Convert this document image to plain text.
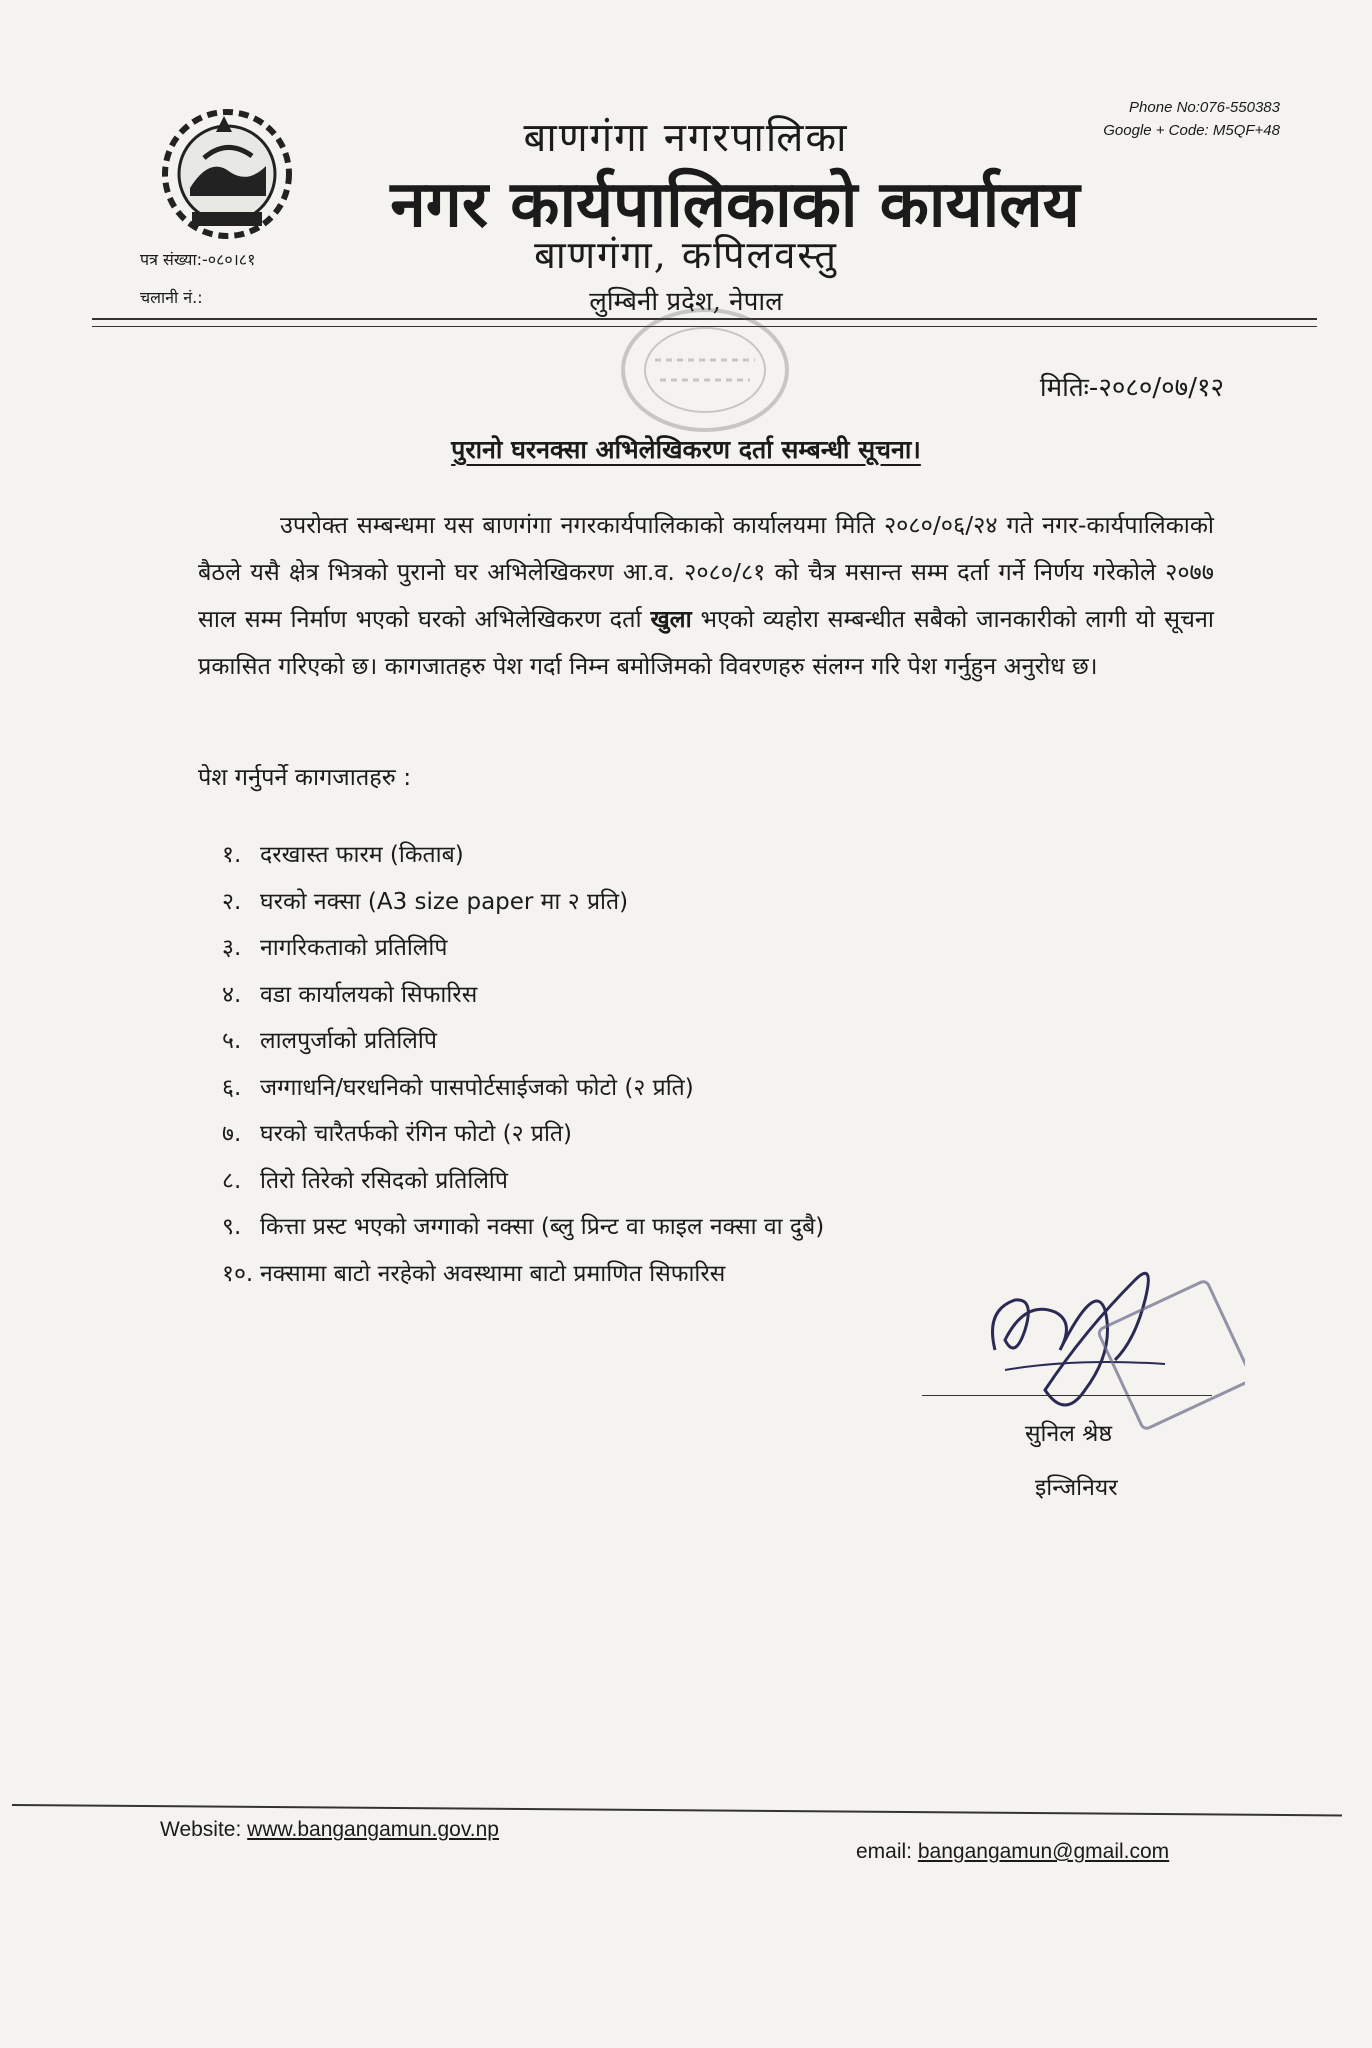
Phone No:076-550383
Google + Code: M5QF+48
बाणगंगा नगरपालिका
नगर कार्यपालिकाको कार्यालय
बाणगंगा, कपिलवस्तु
लुम्बिनी प्रदेश, नेपाल
पत्र संख्या:-०८०।८१
चलानी नं.:
मितिः-२०८०/०७/१२
पुरानो घरनक्सा अभिलेखिकरण दर्ता सम्बन्धी सूचना।
उपरोक्त सम्बन्धमा यस बाणगंगा नगरकार्यपालिकाको कार्यालयमा मिति २०८०/०६/२४ गते नगर-कार्यपालिकाको बैठले यसै क्षेत्र भित्रको पुरानो घर अभिलेखिकरण आ.व. २०८०/८१ को चैत्र मसान्त सम्म दर्ता गर्ने निर्णय गरेकोले २०७७ साल सम्म निर्माण भएको घरको अभिलेखिकरण दर्ता खुला भएको व्यहोरा सम्बन्धीत सबैको जानकारीको लागी यो सूचना प्रकासित गरिएको छ। कागजातहरु पेश गर्दा निम्न बमोजिमको विवरणहरु संलग्न गरि पेश गर्नुहुन अनुरोध छ।
पेश गर्नुपर्ने कागजातहरु :
१. दरखास्त फारम (किताब)
२. घरको नक्सा (A3 size paper मा २ प्रति)
३. नागरिकताको प्रतिलिपि
४. वडा कार्यालयको सिफारिस
५. लालपुर्जाको प्रतिलिपि
६. जग्गाधनि/घरधनिको पासपोर्टसाईजको फोटो (२ प्रति)
७. घरको चारैतर्फको रंगिन फोटो (२ प्रति)
८. तिरो तिरेको रसिदको प्रतिलिपि
९. कित्ता प्रस्ट भएको जग्गाको नक्सा (ब्लु प्रिन्ट वा फाइल नक्सा वा दुबै)
१०. नक्सामा बाटो नरहेको अवस्थामा बाटो प्रमाणित सिफारिस
सुनिल श्रेष्ठ
इन्जिनियर
Website: www.bangangamun.gov.np
email: bangangamun@gmail.com
